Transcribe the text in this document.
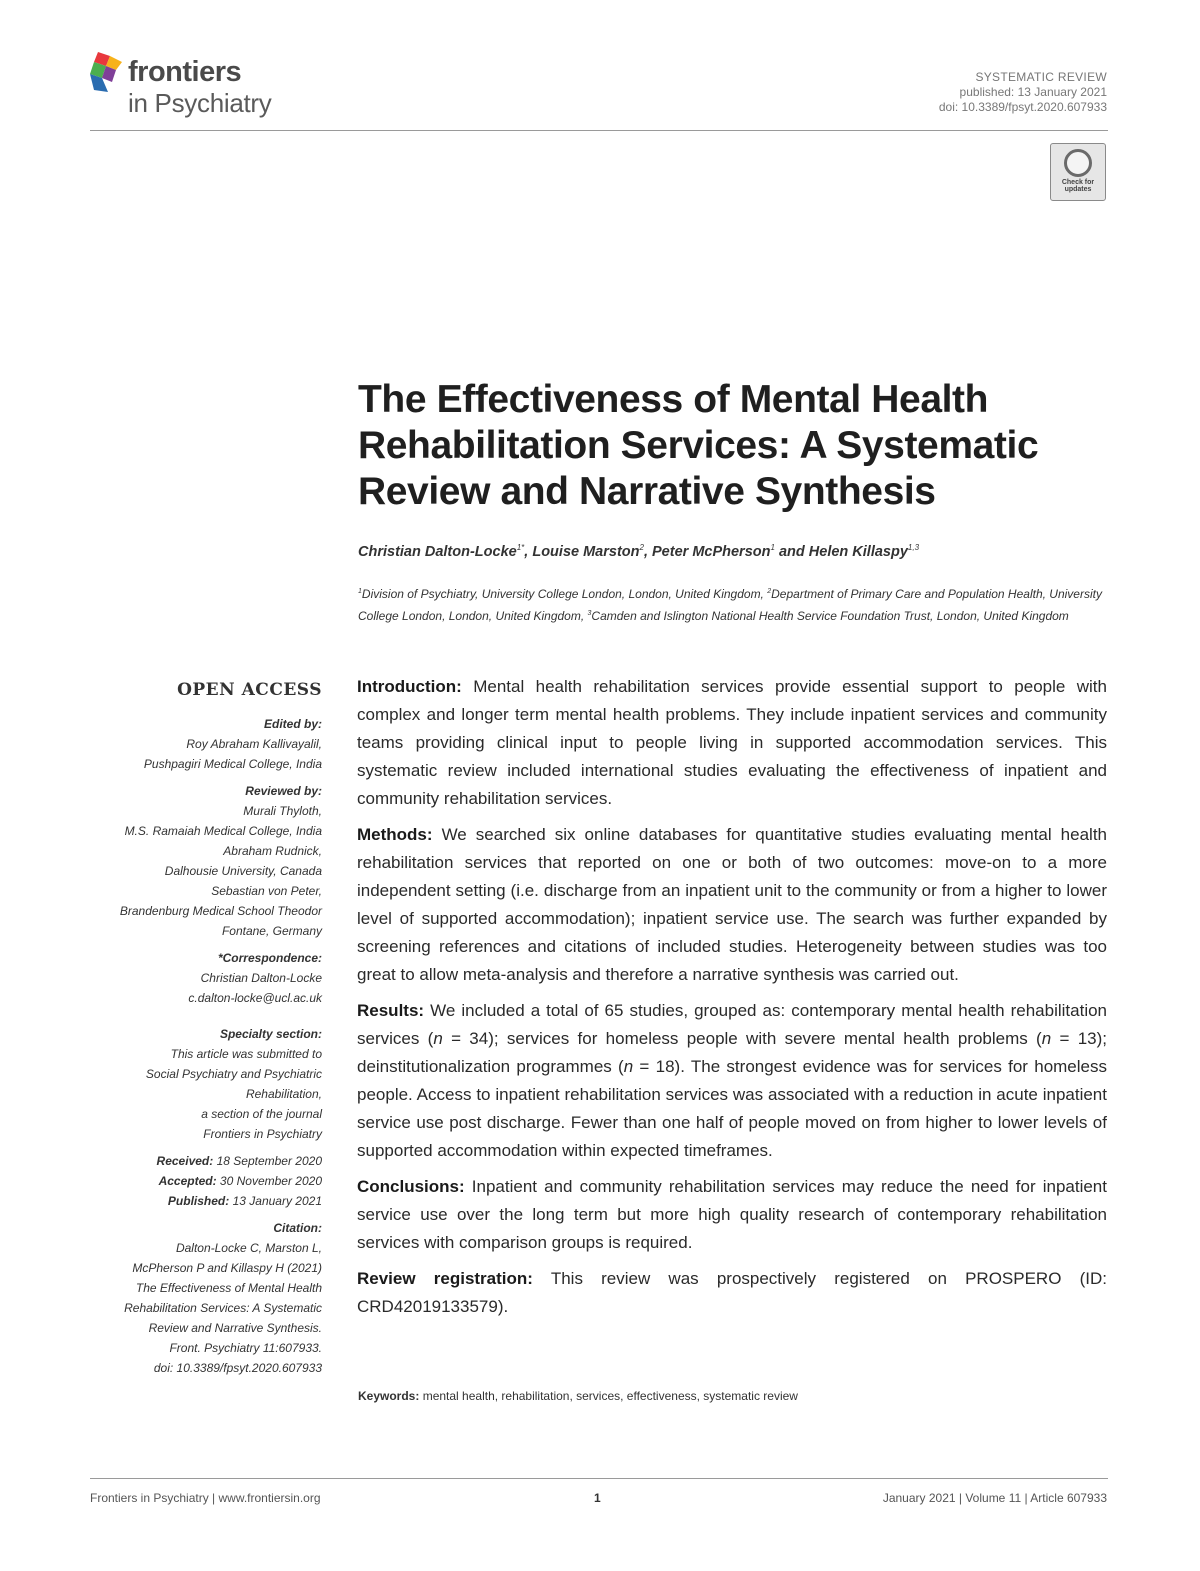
frontiers
in Psychiatry
SYSTEMATIC REVIEW
published: 13 January 2021
doi: 10.3389/fpsyt.2020.607933
Check for
updates
The Effectiveness of Mental Health Rehabilitation Services: A Systematic Review and Narrative Synthesis
Christian Dalton-Locke$^{1*}$, Louise Marston$^2$, Peter McPherson$^1$ and Helen Killaspy$^{1,3}$
$^1$Division of Psychiatry, University College London, London, United Kingdom, $^2$Department of Primary Care and Population Health, University College London, London, United Kingdom, $^3$Camden and Islington National Health Service Foundation Trust, London, United Kingdom
OPEN ACCESS
Edited by:
Roy Abraham Kallivayalil,
Pushpagiri Medical College, India
Reviewed by:
Murali Thyloth,
M.S. Ramaiah Medical College, India
Abraham Rudnick,
Dalhousie University, Canada
Sebastian von Peter,
Brandenburg Medical School Theodor
Fontane, Germany
*Correspondence:
Christian Dalton-Locke
c.dalton-locke@ucl.ac.uk
Specialty section:
This article was submitted to
Social Psychiatry and Psychiatric
Rehabilitation,
a section of the journal
Frontiers in Psychiatry
Received: 18 September 2020
Accepted: 30 November 2020
Published: 13 January 2021
Citation:
Dalton-Locke C, Marston L,
McPherson P and Killaspy H (2021)
The Effectiveness of Mental Health
Rehabilitation Services: A Systematic
Review and Narrative Synthesis.
Front. Psychiatry 11:607933.
doi: 10.3389/fpsyt.2020.607933

Introduction: Mental health rehabilitation services provide essential support to people with complex and longer term mental health problems. They include inpatient services and community teams providing clinical input to people living in supported accommodation services. This systematic review included international studies evaluating the effectiveness of inpatient and community rehabilitation services.

Methods: We searched six online databases for quantitative studies evaluating mental health rehabilitation services that reported on one or both of two outcomes: move-on to a more independent setting (i.e. discharge from an inpatient unit to the community or from a higher to lower level of supported accommodation); inpatient service use. The search was further expanded by screening references and citations of included studies. Heterogeneity between studies was too great to allow meta-analysis and therefore a narrative synthesis was carried out.

Results: We included a total of 65 studies, grouped as: contemporary mental health rehabilitation services (n = 34); services for homeless people with severe mental health problems (n = 13); deinstitutionalization programmes (n = 18). The strongest evidence was for services for homeless people. Access to inpatient rehabilitation services was associated with a reduction in acute inpatient service use post discharge. Fewer than one half of people moved on from higher to lower levels of supported accommodation within expected timeframes.

Conclusions: Inpatient and community rehabilitation services may reduce the need for inpatient service use over the long term but more high quality research of contemporary rehabilitation services with comparison groups is required.

Review registration: This review was prospectively registered on PROSPERO (ID: CRD42019133579).

Keywords: mental health, rehabilitation, services, effectiveness, systematic review
Frontiers in Psychiatry | www.frontiersin.org	1	January 2021 | Volume 11 | Article 607933
